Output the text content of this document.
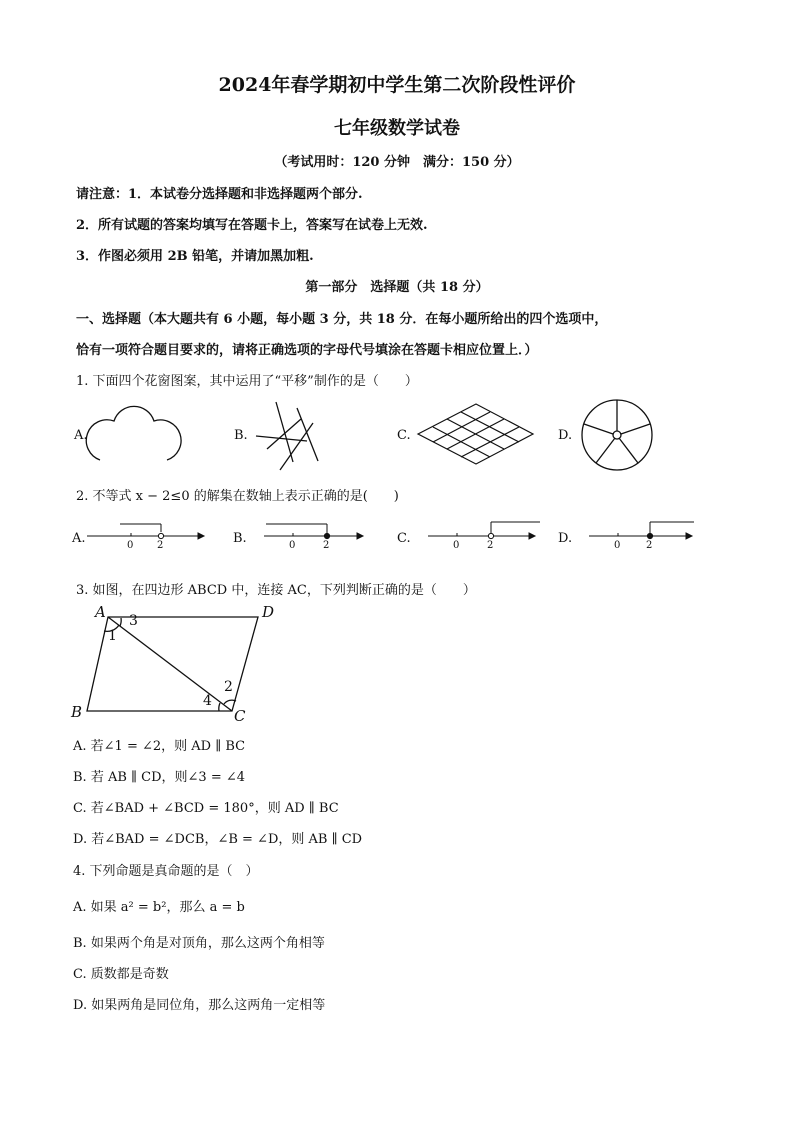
2024年春学期初中学生第二次阶段性评价
七年级数学试卷
（考试用时：120 分钟　满分：150 分）
请注意：1．本试卷分选择题和非选择题两个部分.
2．所有试题的答案均填写在答题卡上，答案写在试卷上无效.
3．作图必须用 2B 铅笔，并请加黑加粗.
第一部分　选择题（共 18 分）
一、选择题（本大题共有 6 小题，每小题 3 分，共 18 分．在每小题所给出的四个选项中，
恰有一项符合题目要求的，请将正确选项的字母代号填涂在答题卡相应位置上．）
1. 下面四个花窗图案，其中运用了“平移”制作的是（　　）
A.	B.	C.	D.
2. 不等式 x − 2≤0 的解集在数轴上表示正确的是(　　)
A.	B.	C.	D.
0 2	0	2	0	2	0	2
3. 如图，在四边形 ABCD 中，连接 AC，下列判断正确的是（　　）
A	D
B	C
1
3
2
4
A. 若∠1 = ∠2，则 AD ∥ BC
B. 若 AB ∥ CD，则∠3 = ∠4
C. 若∠BAD + ∠BCD = 180°，则 AD ∥ BC
D. 若∠BAD = ∠DCB，∠B = ∠D，则 AB ∥ CD
4. 下列命题是真命题的是（　）
A. 如果 a² = b²，那么 a = b
B. 如果两个角是对顶角，那么这两个角相等
C. 质数都是奇数
D. 如果两角是同位角，那么这两角一定相等
